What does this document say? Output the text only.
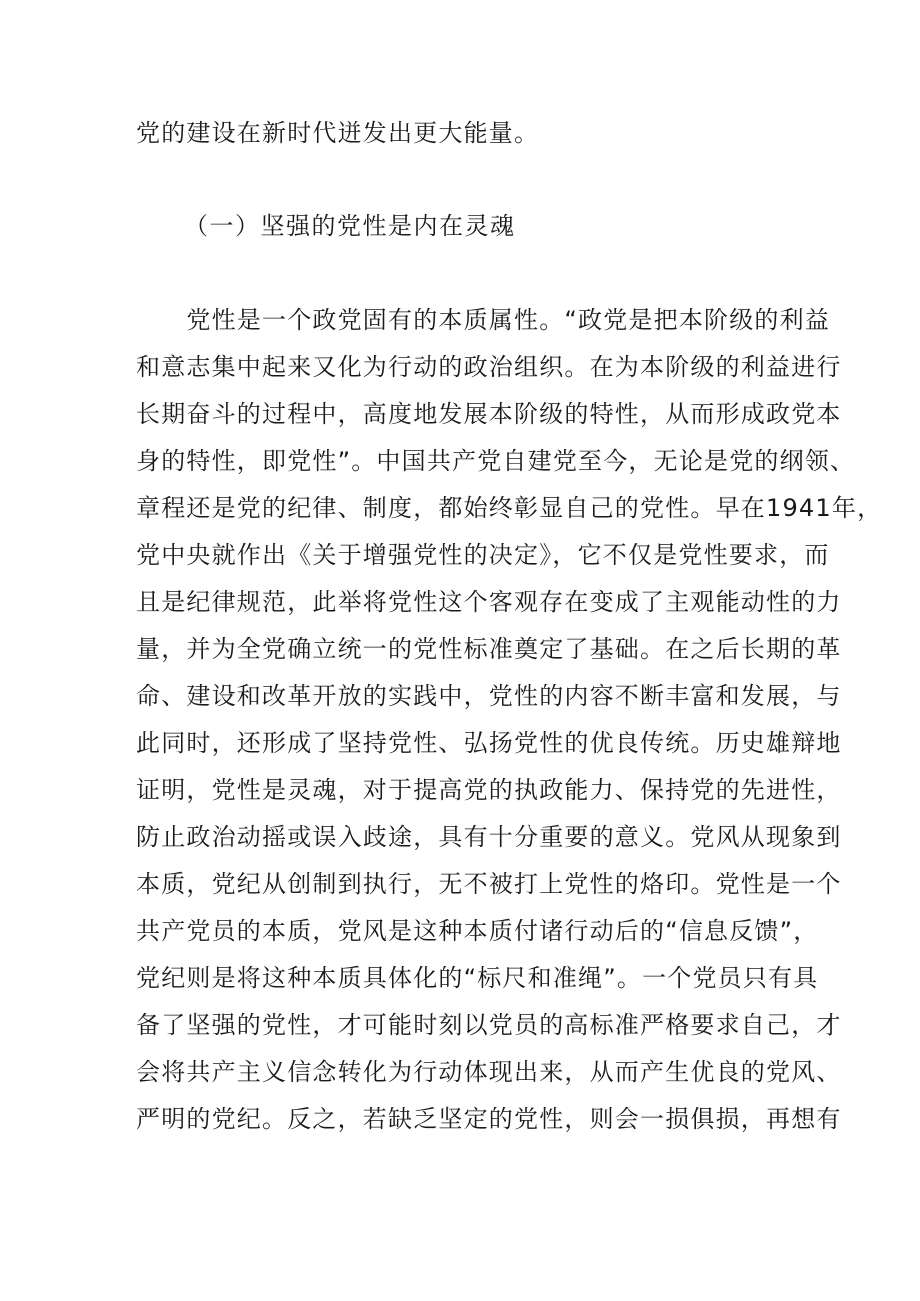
党的建设在新时代迸发出更大能量。
（一）坚强的党性是内在灵魂
　　党性是一个政党固有的本质属性。“政党是把本阶级的利益
和意志集中起来又化为行动的政治组织。在为本阶级的利益进行
长期奋斗的过程中，高度地发展本阶级的特性，从而形成政党本
身的特性，即党性”。中国共产党自建党至今，无论是党的纲领、
章程还是党的纪律、制度，都始终彰显自己的党性。早在1941年，
党中央就作出《关于增强党性的决定》，它不仅是党性要求，而
且是纪律规范，此举将党性这个客观存在变成了主观能动性的力
量，并为全党确立统一的党性标准奠定了基础。在之后长期的革
命、建设和改革开放的实践中，党性的内容不断丰富和发展，与
此同时，还形成了坚持党性、弘扬党性的优良传统。历史雄辩地
证明，党性是灵魂，对于提高党的执政能力、保持党的先进性，
防止政治动摇或误入歧途，具有十分重要的意义。党风从现象到
本质，党纪从创制到执行，无不被打上党性的烙印。党性是一个
共产党员的本质，党风是这种本质付诸行动后的“信息反馈”，
党纪则是将这种本质具体化的“标尺和准绳”。一个党员只有具
备了坚强的党性，才可能时刻以党员的高标准严格要求自己，才
会将共产主义信念转化为行动体现出来，从而产生优良的党风、
严明的党纪。反之，若缺乏坚定的党性，则会一损俱损，再想有
